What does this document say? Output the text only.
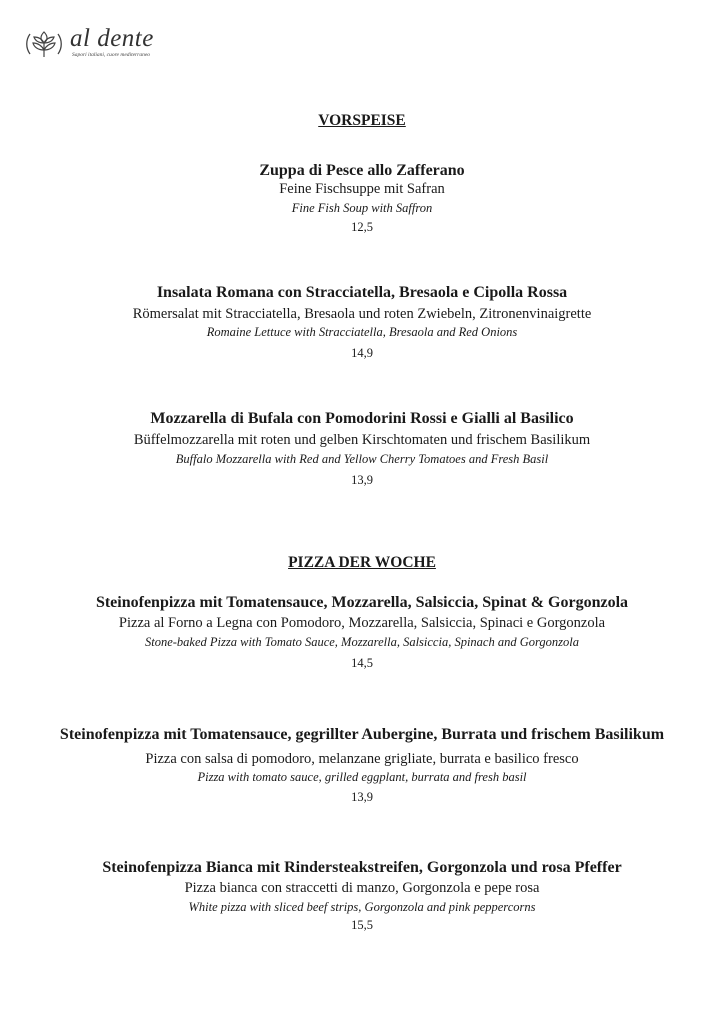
al dente
Sapori italiani, cuore mediterraneo
VORSPEISE
Zuppa di Pesce allo Zafferano
Feine Fischsuppe mit Safran
Fine Fish Soup with Saffron
12,5
Insalata Romana con Stracciatella, Bresaola e Cipolla Rossa
Römersalat mit Stracciatella, Bresaola und roten Zwiebeln, Zitronenvinaigrette
Romaine Lettuce with Stracciatella, Bresaola and Red Onions
14,9
Mozzarella di Bufala con Pomodorini Rossi e Gialli al Basilico
Büffelmozzarella mit roten und gelben Kirschtomaten und frischem Basilikum
Buffalo Mozzarella with Red and Yellow Cherry Tomatoes and Fresh Basil
13,9
PIZZA DER WOCHE
Steinofenpizza mit Tomatensauce, Mozzarella, Salsiccia, Spinat & Gorgonzola
Pizza al Forno a Legna con Pomodoro, Mozzarella, Salsiccia, Spinaci e Gorgonzola
Stone-baked Pizza with Tomato Sauce, Mozzarella, Salsiccia, Spinach and Gorgonzola
14,5
Steinofenpizza mit Tomatensauce, gegrillter Aubergine, Burrata und frischem Basilikum
Pizza con salsa di pomodoro, melanzane grigliate, burrata e basilico fresco
Pizza with tomato sauce, grilled eggplant, burrata and fresh basil
13,9
Steinofenpizza Bianca mit Rindersteakstreifen, Gorgonzola und rosa Pfeffer
Pizza bianca con straccetti di manzo, Gorgonzola e pepe rosa
White pizza with sliced beef strips, Gorgonzola and pink peppercorns
15,5
